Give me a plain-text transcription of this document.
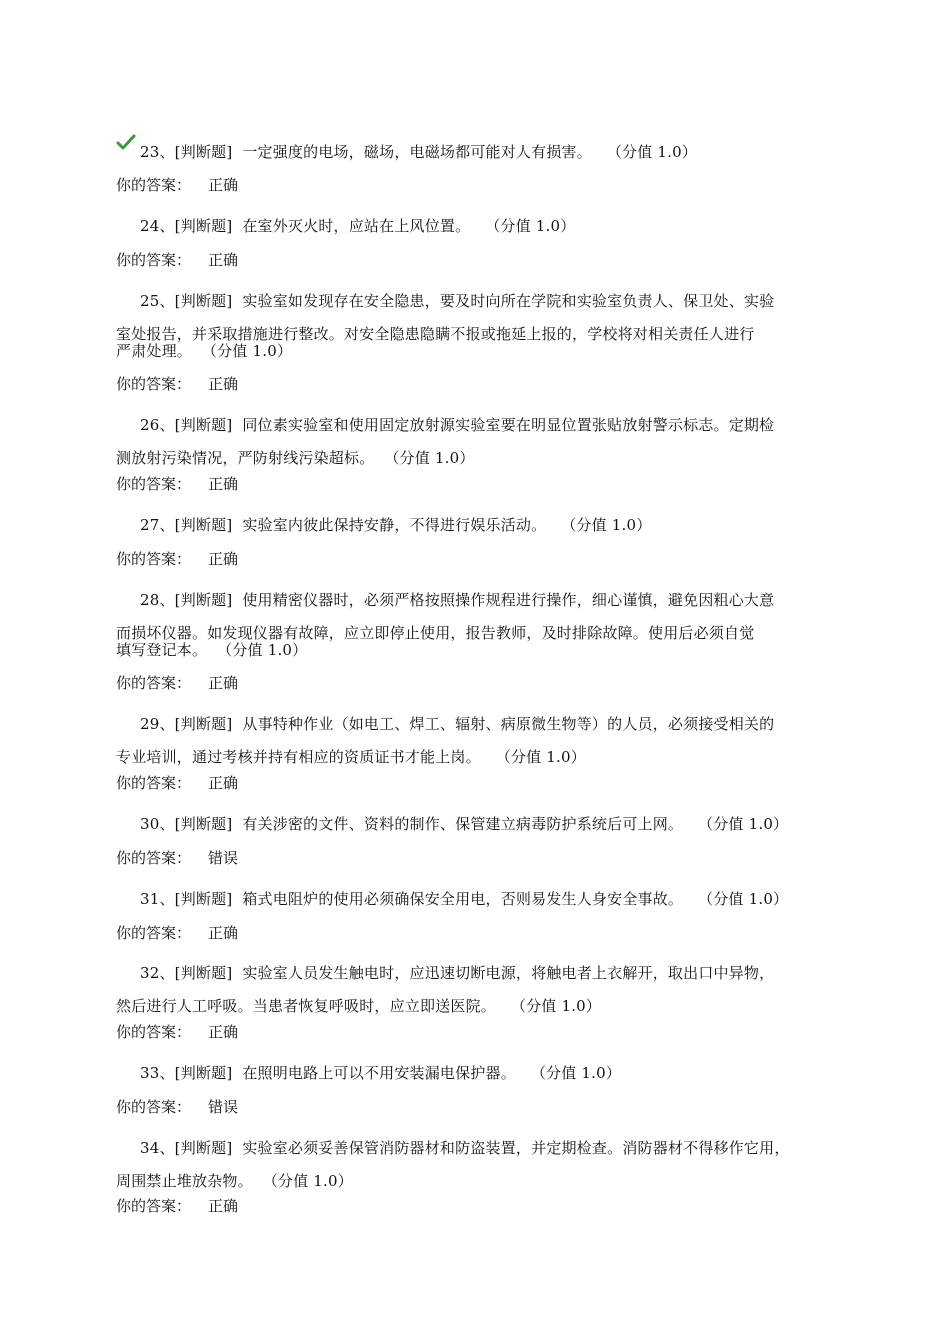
23、[判断题]  一定强度的电场，磁场，电磁场都可能对人有损害。   （分值 1.0）
你的答案： 正确
24、[判断题]  在室外灭火时，应站在上风位置。   （分值 1.0）
你的答案： 正确
25、[判断题]  实验室如发现存在安全隐患，要及时向所在学院和实验室负责人、保卫处、实验
室处报告，并采取措施进行整改。对安全隐患隐瞒不报或拖延上报的，学校将对相关责任人进行
严肃处理。  （分值 1.0）
你的答案： 正确
26、[判断题]  同位素实验室和使用固定放射源实验室要在明显位置张贴放射警示标志。定期检
测放射污染情况，严防射线污染超标。  （分值 1.0）
你的答案： 正确
27、[判断题]  实验室内彼此保持安静，不得进行娱乐活动。   （分值 1.0）
你的答案： 正确
28、[判断题]  使用精密仪器时，必须严格按照操作规程进行操作，细心谨慎，避免因粗心大意
而损坏仪器。如发现仪器有故障，应立即停止使用，报告教师，及时排除故障。使用后必须自觉
填写登记本。  （分值 1.0）
你的答案： 正确
29、[判断题]  从事特种作业（如电工、焊工、辐射、病原微生物等）的人员，必须接受相关的
专业培训，通过考核并持有相应的资质证书才能上岗。   （分值 1.0）
你的答案： 正确
30、[判断题]  有关涉密的文件、资料的制作、保管建立病毒防护系统后可上网。   （分值 1.0）
你的答案： 错误
31、[判断题]  箱式电阻炉的使用必须确保安全用电，否则易发生人身安全事故。   （分值 1.0）
你的答案： 正确
32、[判断题]  实验室人员发生触电时，应迅速切断电源，将触电者上衣解开，取出口中异物，
然后进行人工呼吸。当患者恢复呼吸时，应立即送医院。   （分值 1.0）
你的答案： 正确
33、[判断题]  在照明电路上可以不用安装漏电保护器。   （分值 1.0）
你的答案： 错误
34、[判断题]  实验室必须妥善保管消防器材和防盗装置，并定期检查。消防器材不得移作它用，
周围禁止堆放杂物。  （分值 1.0）
你的答案： 正确
